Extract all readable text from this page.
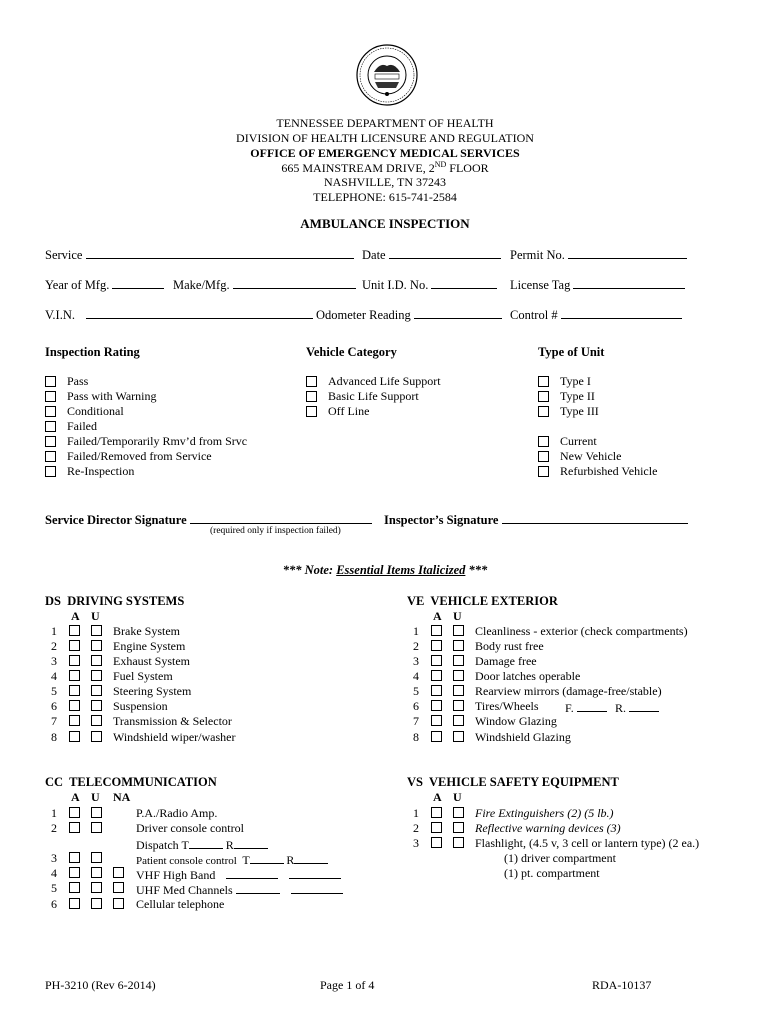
TENNESSEE DEPARTMENT OF HEALTH
DIVISION OF HEALTH LICENSURE AND REGULATION
OFFICE OF EMERGENCY MEDICAL SERVICES
665 MAINSTREAM DRIVE, 2ND FLOOR
NASHVILLE, TN 37243
TELEPHONE: 615-741-2584
AMBULANCE INSPECTION
Service	Date	Permit No.
Year of Mfg.	Make/Mfg.	Unit I.D. No.	License Tag
V.I.N.	Odometer Reading	Control #
Inspection Rating	Vehicle Category	Type of Unit
Pass
Pass with Warning
Conditional
Failed
Failed/Temporarily Rmv’d from Srvc
Failed/Removed from Service
Re-Inspection
Advanced Life Support
Basic Life Support
Off Line
Type I
Type II
Type III
Current
New Vehicle
Refurbished Vehicle
Service Director Signature
(required only if inspection failed)
Inspector’s Signature
*** Note: Essential Items Italicized ***
DS DRIVING SYSTEMS
A U
1	Brake System
2	Engine System
3	Exhaust System
4	Fuel System
5	Steering System
6	Suspension
7	Transmission & Selector
8	Windshield wiper/washer
VE VEHICLE EXTERIOR
A U
1	Cleanliness - exterior (check compartments)
2	Body rust free
3	Damage free
4	Door latches operable
5	Rearview mirrors (damage-free/stable)
6	Tires/Wheels F.	R.
7	Window Glazing
8	Windshield Glazing
CC TELECOMMUNICATION
A U NA
1	P.A./Radio Amp.
2	Driver console control
Dispatch T	R
3	Patient console control T	R
4	VHF High Band
5	UHF Med Channels
6	Cellular telephone
VS VEHICLE SAFETY EQUIPMENT
A U
1	Fire Extinguishers (2) (5 lb.)
2	Reflective warning devices (3)
3	Flashlight, (4.5 v, 3 cell or lantern type) (2 ea.)
(1) driver compartment
(1) pt. compartment
PH-3210 (Rev 6-2014)	Page 1 of 4	RDA-10137
